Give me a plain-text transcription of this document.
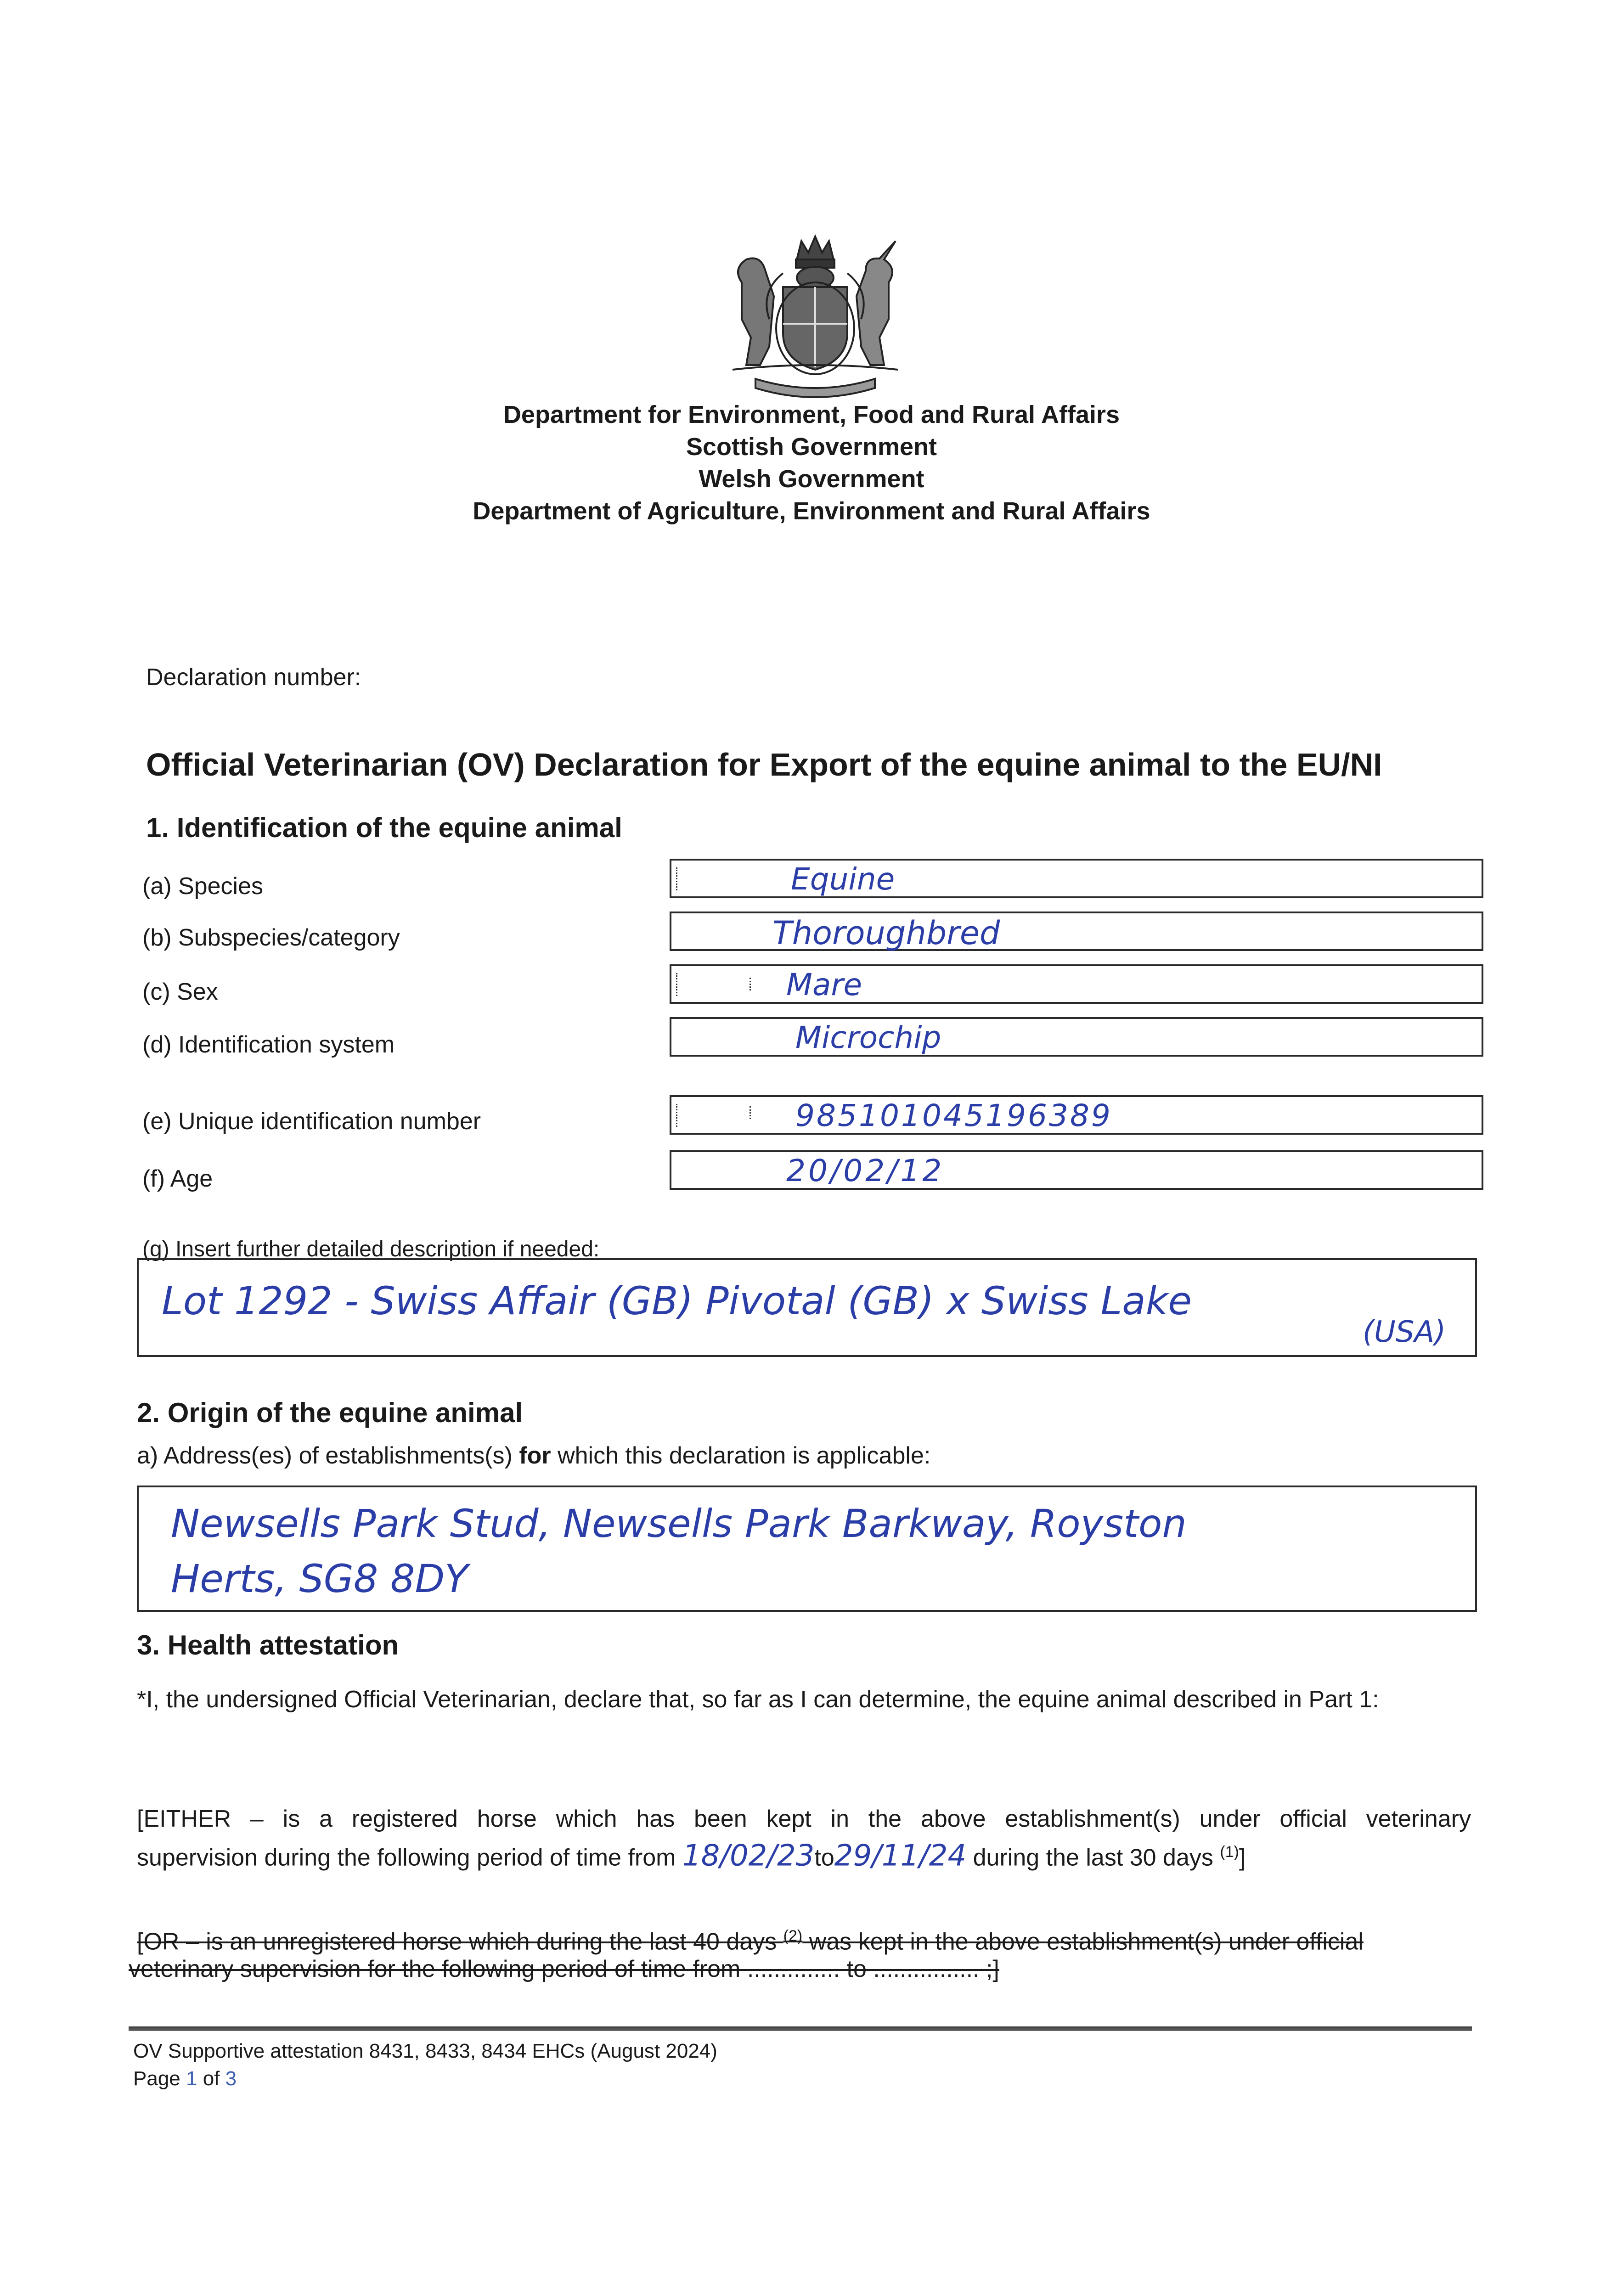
Department for Environment, Food and Rural Affairs
Scottish Government
Welsh Government
Department of Agriculture, Environment and Rural Affairs
Declaration number:
Official Veterinarian (OV) Declaration for Export of the equine animal to the EU/NI
1. Identification of the equine animal
(a) Species	Equine
(b) Subspecies/category	Thoroughbred
(c) Sex	Mare
(d) Identification system	Microchip
(e) Unique identification number	985101045196389
(f) Age	20/02/12
(g) Insert further detailed description if needed:
Lot 1292 - Swiss Affair (GB) Pivotal (GB) x Swiss Lake
(USA)
2. Origin of the equine animal
a) Address(es) of establishments(s) for which this declaration is applicable:
Newsells Park Stud, Newsells Park Barkway, Royston
Herts, SG8 8DY
3. Health attestation
*I, the undersigned Official Veterinarian, declare that, so far as I can determine, the equine animal described in Part 1:
[EITHER – is a registered horse which has been kept in the above establishment(s) under official veterinary
supervision during the following period of time from 18/02/23to29/11/24 during the last 30 days $^{(1)}$]
[OR – is an unregistered horse which during the last 40 days $^{(2)}$ was kept in the above establishment(s) under official
veterinary supervision for the following period of time from .............. to ................ ;]
OV Supportive attestation 8431, 8433, 8434 EHCs (August 2024)
Page 1 of 3
